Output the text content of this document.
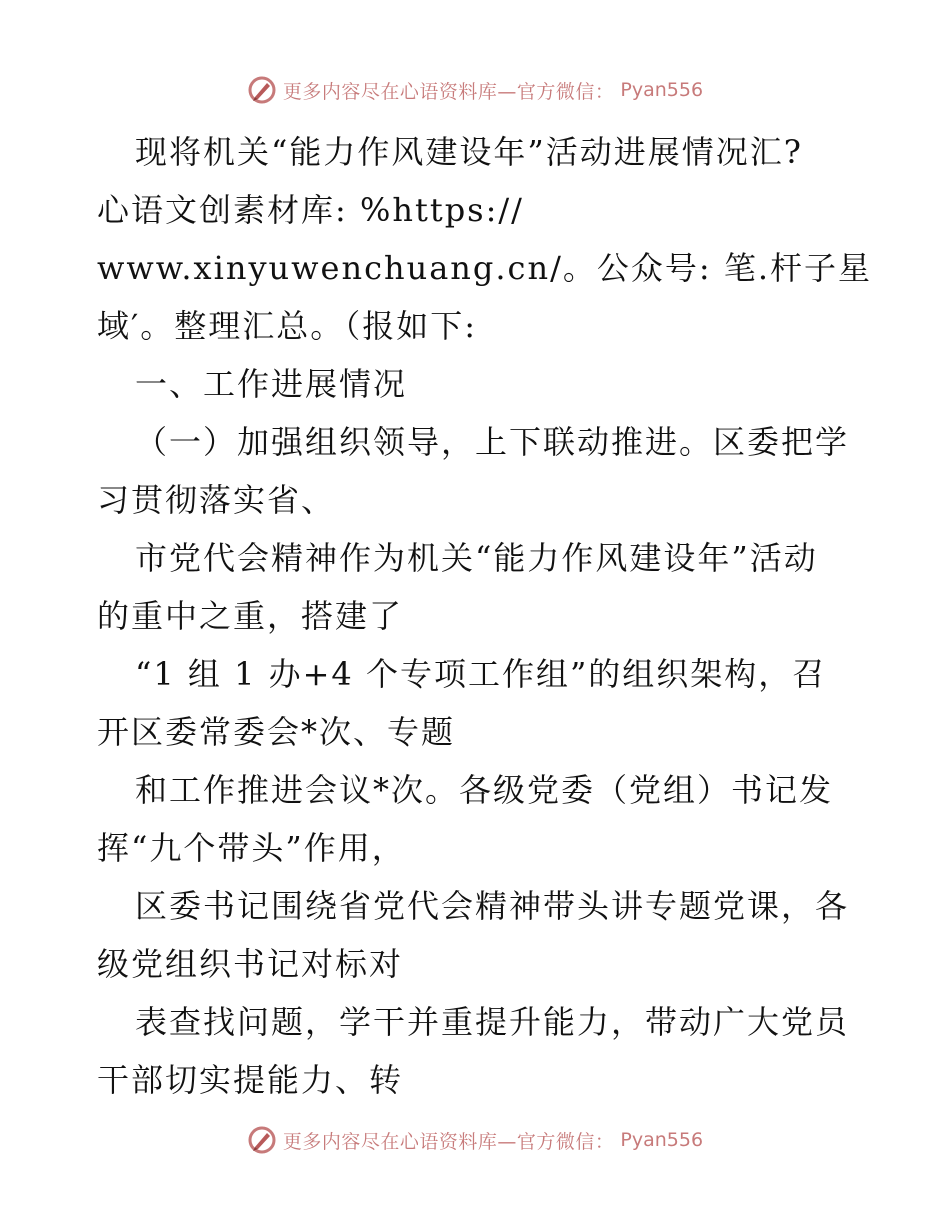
更多内容尽在心语资料库—官方微信： Pyan556
现将机关“能力作风建设年”活动进展情况汇?
心语文创素材库: %https://
www.xinyuwenchuang.cn/。公众号: 笔.杆子星
域′。整理汇总。（报如下:
一、工作进展情况
（一）加强组织领导，上下联动推进。区委把学
习贯彻落实省、
市党代会精神作为机关“能力作风建设年”活动
的重中之重，搭建了
“1 组 1 办+4 个专项工作组”的组织架构，召
开区委常委会*次、专题
和工作推进会议*次。各级党委（党组）书记发
挥“九个带头”作用，
区委书记围绕省党代会精神带头讲专题党课，各
级党组织书记对标对
表查找问题，学干并重提升能力，带动广大党员
干部切实提能力、转
更多内容尽在心语资料库—官方微信： Pyan556
